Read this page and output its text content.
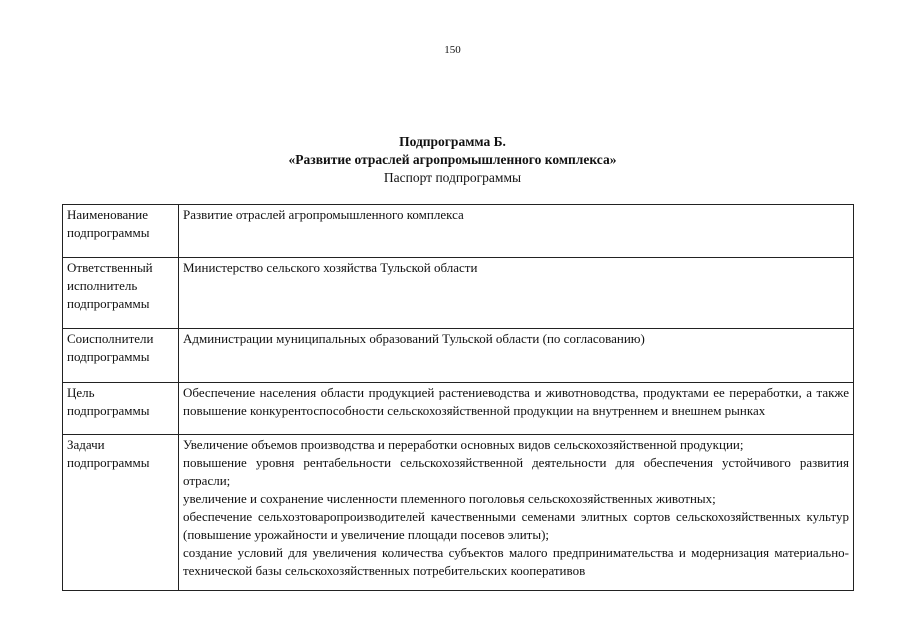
150
Подпрограмма Б.
«Развитие отраслей агропромышленного комплекса»
Паспорт подпрограммы
Наименование подпрограммы	Развитие отраслей агропромышленного комплекса
Ответственный исполнитель подпрограммы	Министерство сельского хозяйства Тульской области
Соисполнители подпрограммы	Администрации муниципальных образований Тульской области (по согласованию)
Цель подпрограммы	Обеспечение населения области продукцией растениеводства и животноводства, продуктами ее переработки, а также повышение конкурентоспособности сельскохозяйственной продукции на внутреннем и внешнем рынках
Задачи подпрограммы	Увеличение объемов производства и переработки основных видов сельскохозяйственной продукции;
повышение уровня рентабельности сельскохозяйственной деятельности для обеспечения устойчивого развития отрасли;
увеличение и сохранение численности племенного поголовья сельскохозяйственных животных;
обеспечение сельхозтоваропроизводителей качественными семенами элитных сортов сельскохозяйственных культур (повышение урожайности и увеличение площади посевов элиты);
создание условий для увеличения количества субъектов малого предпринимательства и модернизация материально-технической базы сельскохозяйственных потребительских кооперативов
